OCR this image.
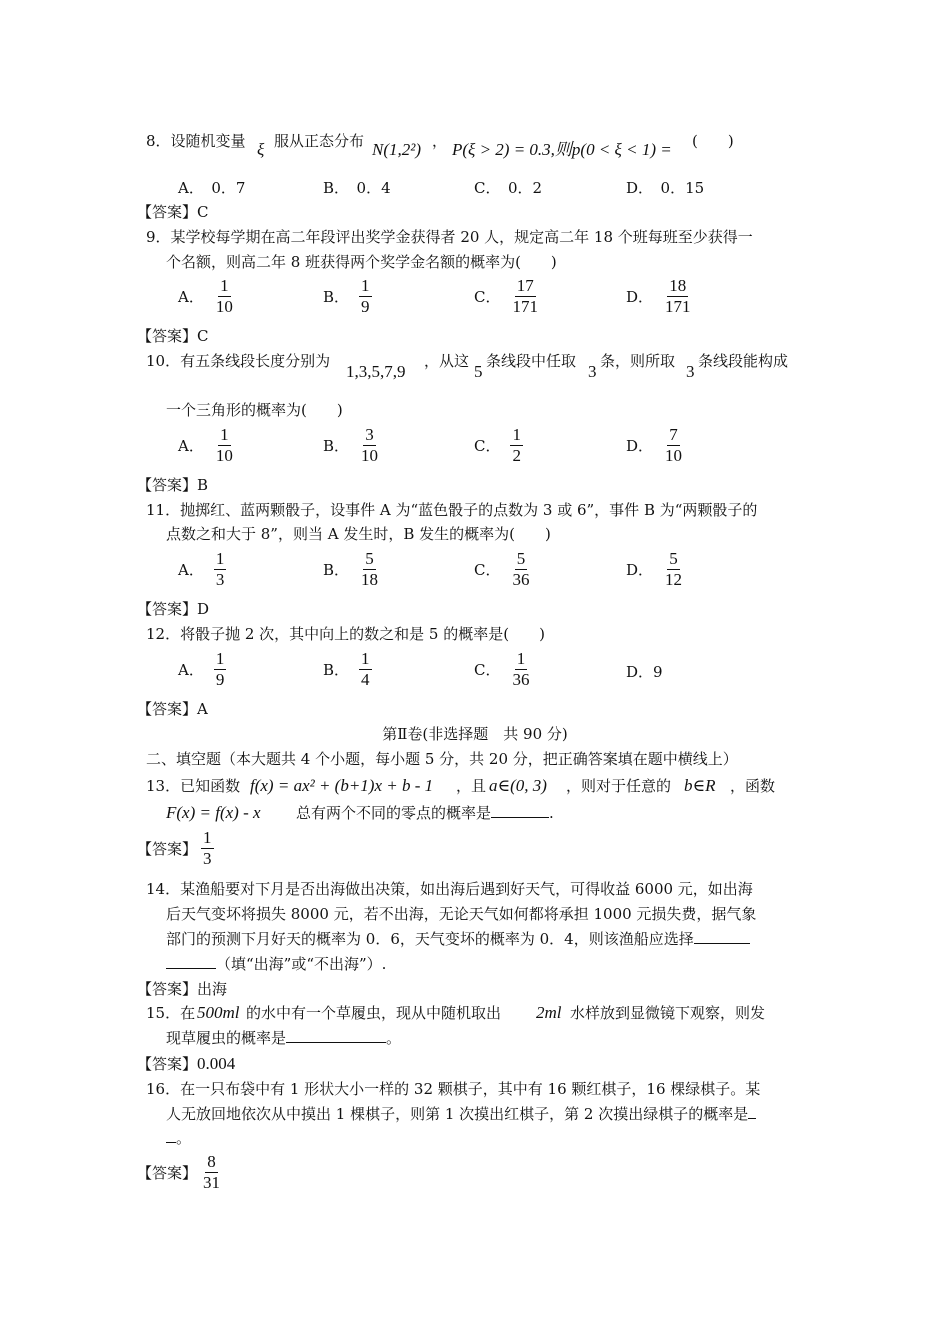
8．设随机变量 ξ 服从正态分布 N(1,2²) ， P(ξ > 2) = 0.3,则p(0 < ξ < 1) = (　　)
A．　 0．7	B．　 0．4	C．　 0．2	D．　 0．15
【答案】C
9．某学校每学期在高二年段评出奖学金获得者 20 人，规定高二年 18 个班每班至少获得一
个名额，则高二年 8 班获得两个奖学金名额的概率为(　　)
A． $\frac{1}{10}$	B． $\frac{1}{9}$	C． $\frac{17}{171}$	D． $\frac{18}{171}$
【答案】C
10．有五条线段长度分别为
1,3,5,7,9
，从这
5
条线段中任取
3
条，则所取
3
条线段能构成
一个三角形的概率为(　　)
A． $\frac{1}{10}$	B． $\frac{3}{10}$	C． $\frac{1}{2}$	D． $\frac{7}{10}$
【答案】B
11．抛掷红、蓝两颗骰子，设事件 A 为“蓝色骰子的点数为 3 或 6”，事件 B 为“两颗骰子的
点数之和大于 8”，则当 A 发生时，B 发生的概率为(　　)
A． $\frac{1}{3}$	B． $\frac{5}{18}$	C． $\frac{5}{36}$	D． $\frac{5}{12}$
【答案】D
12．将骰子抛 2 次，其中向上的数之和是 5 的概率是(　　)
A． $\frac{1}{9}$	B． $\frac{1}{4}$	C． $\frac{1}{36}$	D．9
【答案】A
第Ⅱ卷(非选择题　共 90 分)
二、填空题（本大题共 4 个小题，每小题 5 分，共 20 分，把正确答案填在题中横线上）
13．已知函数 f(x) = ax² + (b+1)x + b - 1 ，且 a∈(0, 3) ，则对于任意的 b∈R ，函数
F(x) = f(x) - x 总有两个不同的零点的概率是	.
【答案】 $\frac{1}{3}$
14．某渔船要对下月是否出海做出决策，如出海后遇到好天气，可得收益 6000 元，如出海
后天气变坏将损失 8000 元，若不出海，无论天气如何都将承担 1000 元损失费，据气象
部门的预测下月好天的概率为 0．6，天气变坏的概率为 0．4，则该渔船应选择
（填“出海”或“不出海”）.
【答案】出海
15．在 500ml 的水中有一个草履虫，现从中随机取出 2ml 水样放到显微镜下观察，则发
现草履虫的概率是	。
【答案】0.004
16．在一只布袋中有 1 形状大小一样的 32 颗棋子，其中有 16 颗红棋子，16 棵绿棋子。某
人无放回地依次从中摸出 1 棵棋子，则第 1 次摸出红棋子，第 2 次摸出绿棋子的概率是
。
【答案】 $\frac{8}{31}$
